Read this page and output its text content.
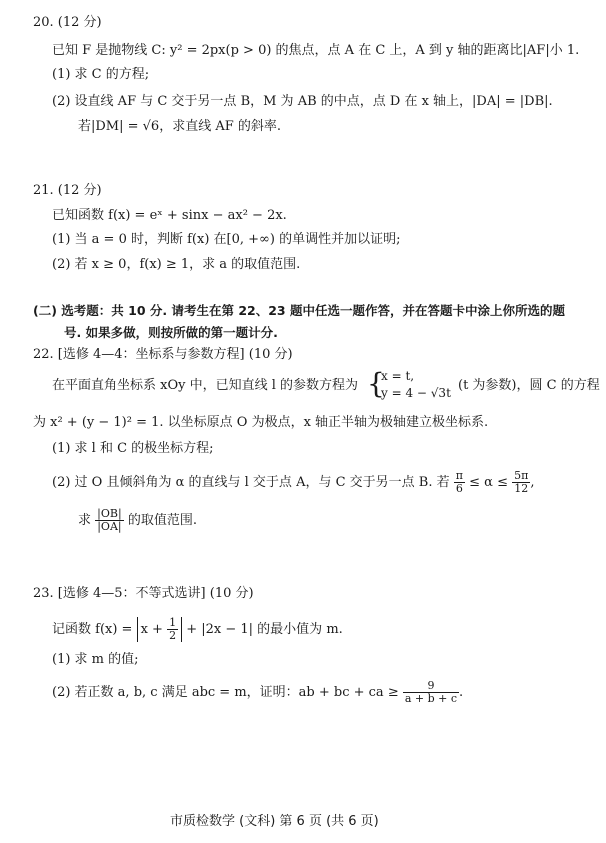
20. (12 分)
已知 F 是抛物线 C: y² = 2px(p > 0) 的焦点，点 A 在 C 上，A 到 y 轴的距离比|AF|小 1.
(1) 求 C 的方程;
(2) 设直线 AF 与 C 交于另一点 B，M 为 AB 的中点，点 D 在 x 轴上，|DA| = |DB|.
若|DM| = √6，求直线 AF 的斜率.
21. (12 分)
已知函数 f(x) = eˣ + sinx − ax² − 2x.
(1) 当 a = 0 时，判断 f(x) 在[0, +∞) 的单调性并加以证明;
(2) 若 x ≥ 0，f(x) ≥ 1，求 a 的取值范围.
(二) 选考题：共 10 分. 请考生在第 22、23 题中任选一题作答，并在答题卡中涂上你所选的题
号. 如果多做，则按所做的第一题计分.
22. [选修 4—4：坐标系与参数方程] (10 分)
在平面直角坐标系 xOy 中，已知直线 l 的参数方程为 {
x = t,
y = 4 − √3t (t 为参数)，圆 C 的方程
为 x² + (y − 1)² = 1. 以坐标原点 O 为极点，x 轴正半轴为极轴建立极坐标系.
(1) 求 l 和 C 的极坐标方程;
(2) 过 O 且倾斜角为 α 的直线与 l 交于点 A，与 C 交于另一点 B. 若 $\frac{\pi}{6} \le \alpha \le \frac{5\pi}{12}$ ,
求 $\frac{|OB|}{|OA|}$ 的取值范围.
23. [选修 4—5：不等式选讲] (10 分)
记函数 $f(x) = x + \frac{1}{2} + |2x - 1|$ 的最小值为 m.
(1) 求 m 的值;
(2) 若正数 a, b, c 满足 abc = m，证明：ab + bc + ca ≥ $\frac{9}{a + b + c}$ .
市质检数学 (文科) 第 6 页 (共 6 页)
